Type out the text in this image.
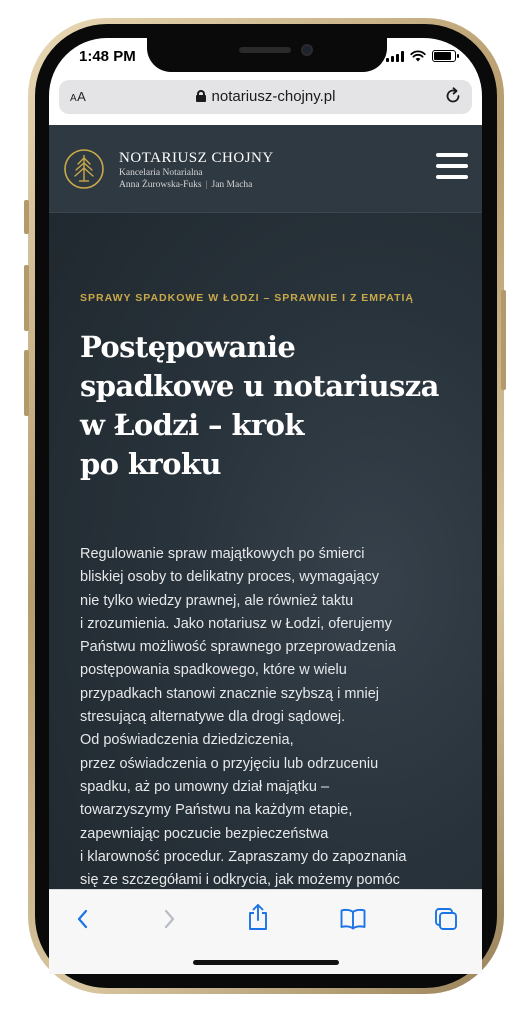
1:48 PM
AA	notariusz-chojny.pl
NOTARIUSZ CHOJNY
Kancelaria Notarialna
Anna Żurowska-Fuks | Jan Macha
SPRAWY SPADKOWE W ŁODZI – SPRAWNIE I Z EMPATIĄ
Postępowanie
spadkowe u notariusza
w Łodzi – krok
po kroku
Regulowanie spraw majątkowych po śmierci
bliskiej osoby to delikatny proces, wymagający
nie tylko wiedzy prawnej, ale również taktu
i zrozumienia. Jako notariusz w Łodzi, oferujemy
Państwu możliwość sprawnego przeprowadzenia
postępowania spadkowego, które w wielu
przypadkach stanowi znacznie szybszą i mniej
stresującą alternatywe dla drogi sądowej.
Od poświadczenia dziedziczenia,
przez oświadczenia o przyjęciu lub odrzuceniu
spadku, aż po umowny dział majątku –
towarzyszymy Państwu na każdym etapie,
zapewniając poczucie bezpieczeństwa
i klarowność procedur. Zapraszamy do zapoznania
się ze szczegółami i odkrycia, jak możemy pomóc
